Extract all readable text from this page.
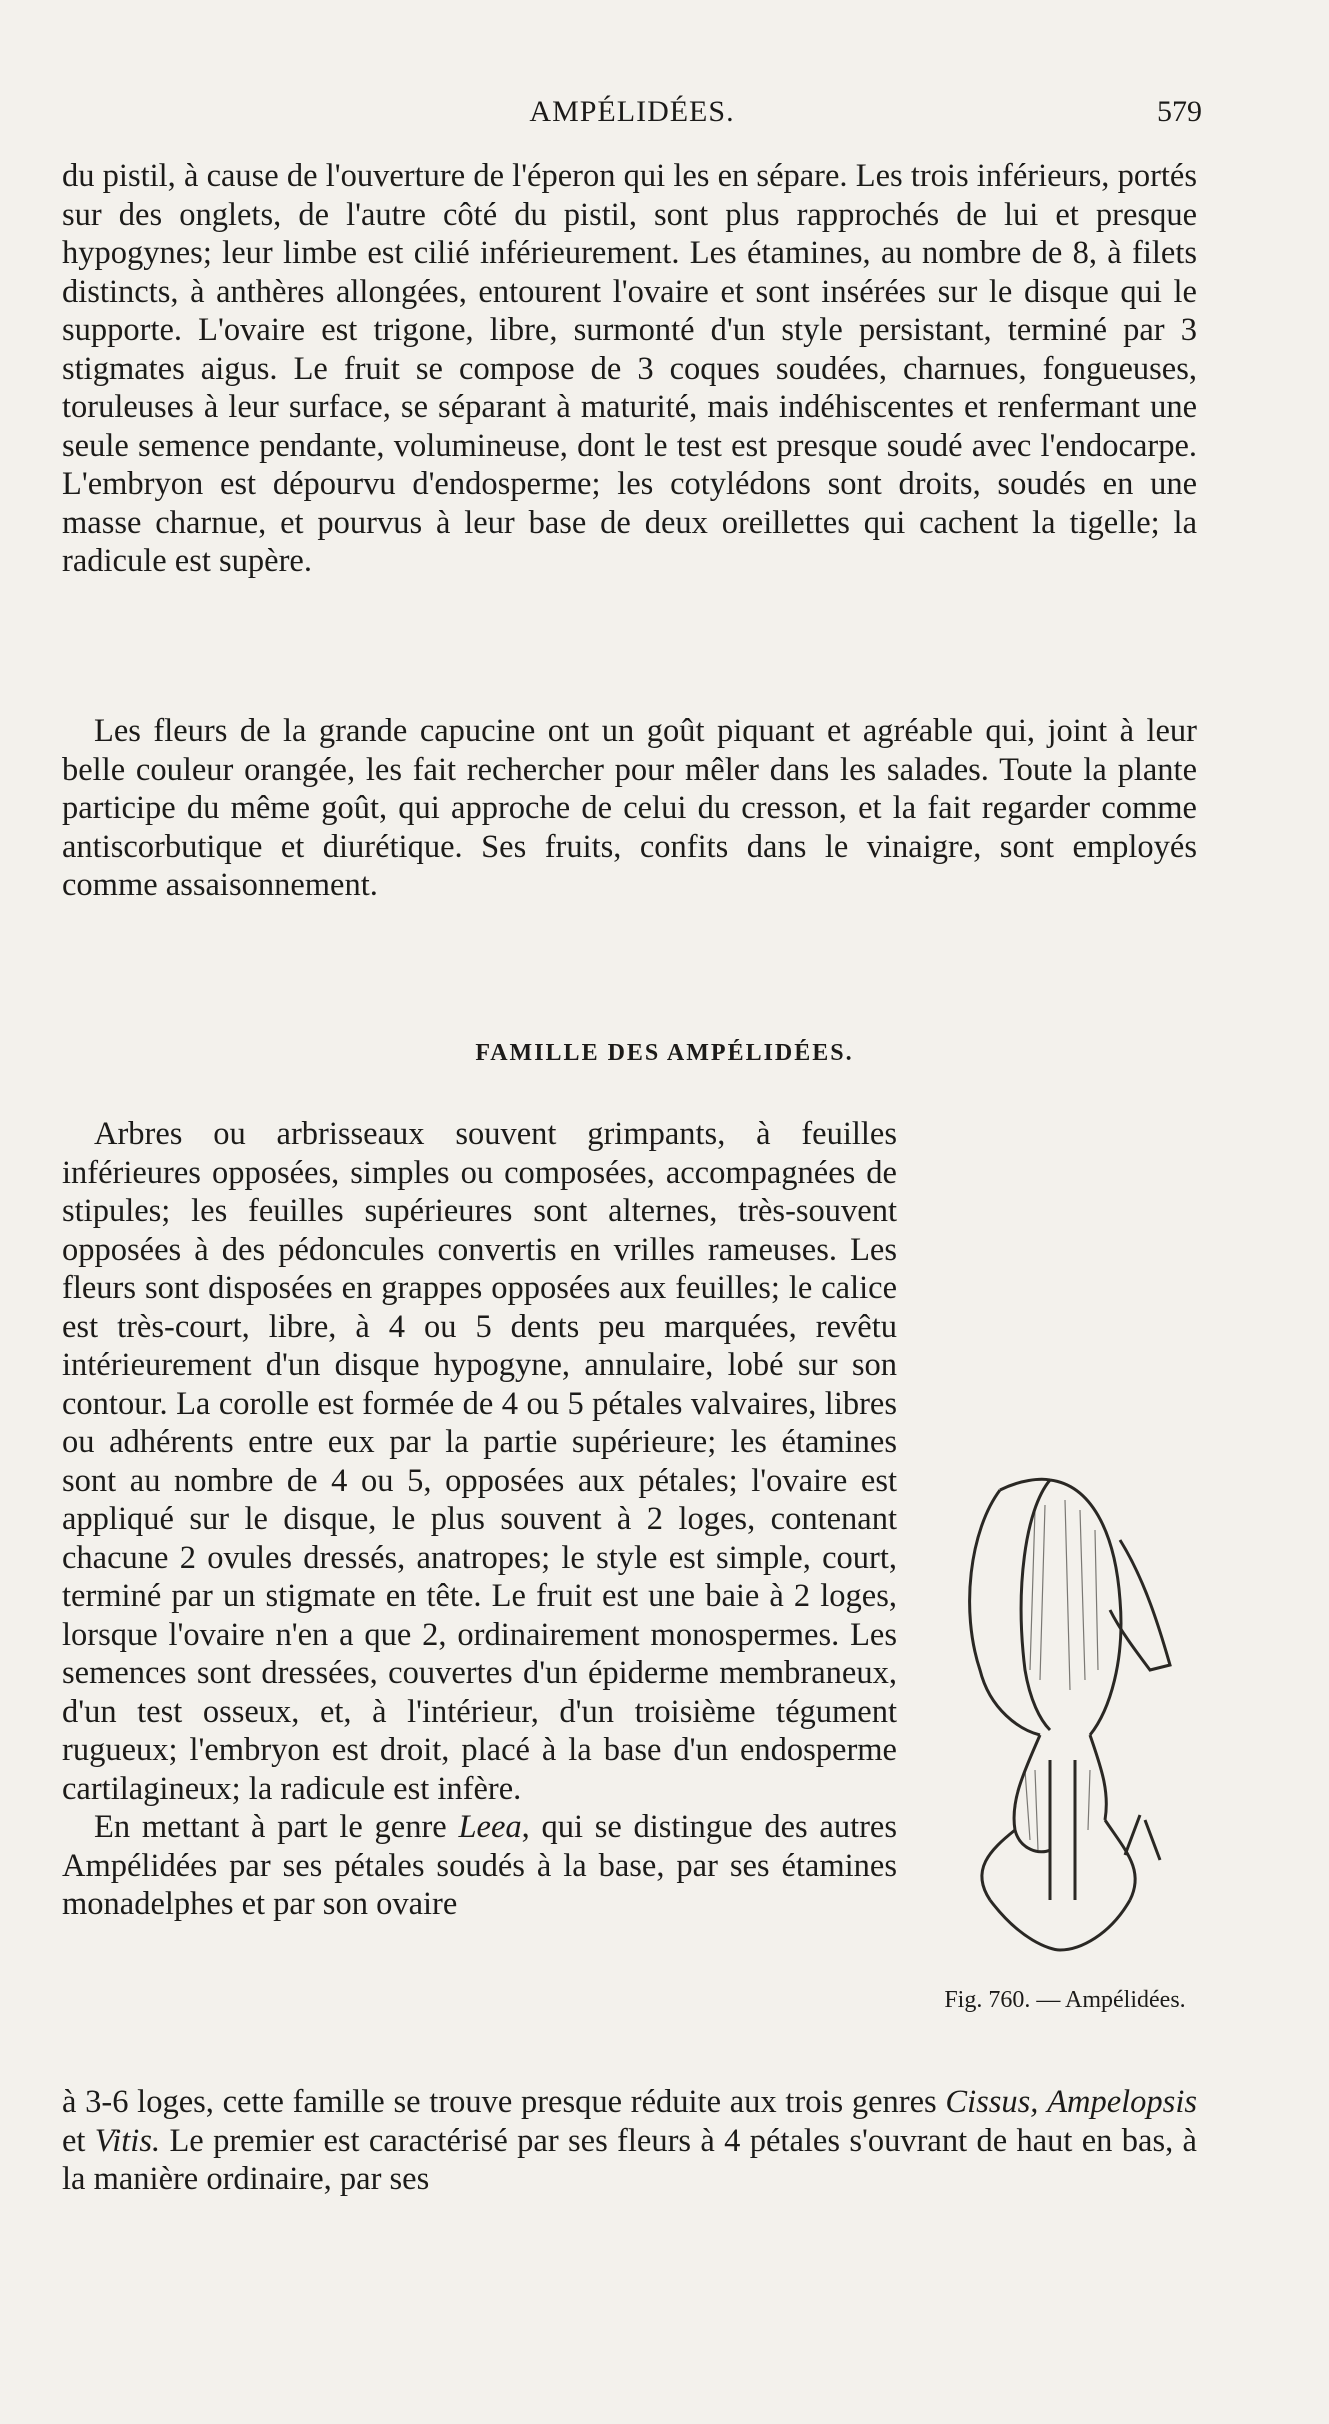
AMPÉLIDÉES.	579

du pistil, à cause de l'ouverture de l'éperon qui les en sépare. Les trois inférieurs, portés sur des onglets, de l'autre côté du pistil, sont plus rapprochés de lui et presque hypogynes; leur limbe est cilié inférieurement. Les étamines, au nombre de 8, à filets distincts, à anthères allongées, entourent l'ovaire et sont insérées sur le disque qui le supporte. L'ovaire est trigone, libre, surmonté d'un style persistant, terminé par 3 stigmates aigus. Le fruit se compose de 3 coques soudées, charnues, fongueuses, toruleuses à leur surface, se séparant à maturité, mais indéhiscentes et renfermant une seule semence pendante, volumineuse, dont le test est presque soudé avec l'endocarpe. L'embryon est dépourvu d'endosperme; les cotylédons sont droits, soudés en une masse charnue, et pourvus à leur base de deux oreillettes qui cachent la tigelle; la radicule est supère.

Les fleurs de la grande capucine ont un goût piquant et agréable qui, joint à leur belle couleur orangée, les fait rechercher pour mêler dans les salades. Toute la plante participe du même goût, qui approche de celui du cresson, et la fait regarder comme antiscorbutique et diurétique. Ses fruits, confits dans le vinaigre, sont employés comme assaisonnement.

FAMILLE DES AMPÉLIDÉES.

Arbres ou arbrisseaux souvent grimpants, à feuilles inférieures opposées, simples ou composées, accompagnées de stipules; les feuilles supérieures sont alternes, très-souvent opposées à des pédoncules convertis en vrilles rameuses. Les fleurs sont disposées en grappes opposées aux feuilles; le calice est très-court, libre, à 4 ou 5 dents peu marquées, revêtu intérieurement d'un disque hypogyne, annulaire, lobé sur son contour. La corolle est formée de 4 ou 5 pétales valvaires, libres ou adhérents entre eux par la partie supérieure; les étamines sont au nombre de 4 ou 5, opposées aux pétales; l'ovaire est appliqué sur le disque, le plus souvent à 2 loges, contenant chacune 2 ovules dressés, anatropes; le style est simple, court, terminé par un stigmate en tête. Le fruit est une baie à 2 loges, lorsque l'ovaire n'en a que 2, ordinairement monospermes. Les semences sont dressées, couvertes d'un épiderme membraneux, d'un test osseux, et, à l'intérieur, d'un troisième tégument rugueux; l'embryon est droit, placé à la base d'un endosperme cartilagineux; la radicule est infère.

En mettant à part le genre Leea, qui se distingue des autres Ampélidées par ses pétales soudés à la base, par ses étamines monadelphes et par son ovaire

à 3-6 loges, cette famille se trouve presque réduite aux trois genres Cissus, Ampelopsis et Vitis. Le premier est caractérisé par ses fleurs à 4 pétales s'ouvrant de haut en bas, à la manière ordinaire, par ses

Fig. 760. — Ampélidées.
